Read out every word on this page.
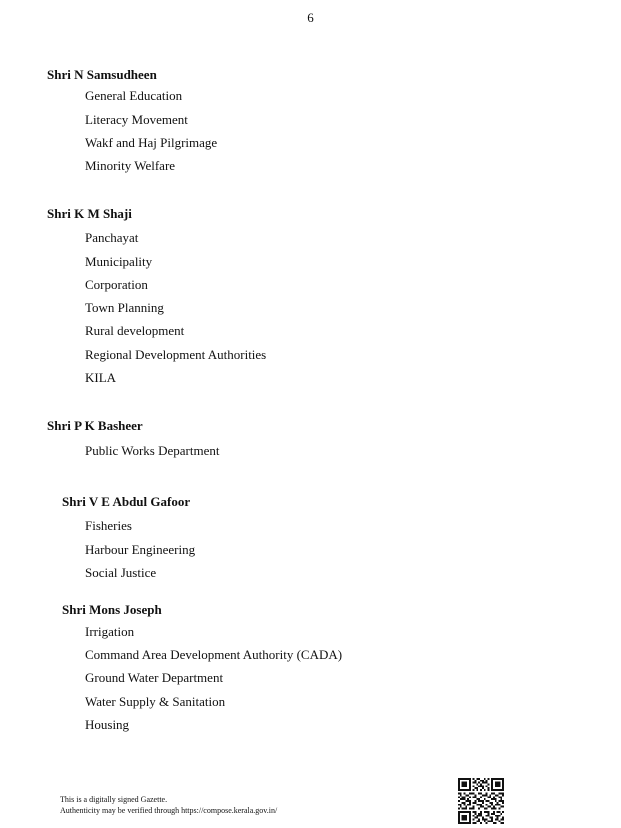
6
Shri N Samsudheen
General Education
Literacy Movement
Wakf and Haj Pilgrimage
Minority Welfare
Shri K M Shaji
Panchayat
Municipality
Corporation
Town Planning
Rural development
Regional Development Authorities
KILA
Shri P K Basheer
Public Works Department
Shri V E Abdul Gafoor
Fisheries
Harbour Engineering
Social Justice
Shri Mons Joseph
Irrigation
Command Area Development Authority (CADA)
Ground Water Department
Water Supply & Sanitation
Housing
This is a digitally signed Gazette.
Authenticity may be verified through https://compose.kerala.gov.in/
